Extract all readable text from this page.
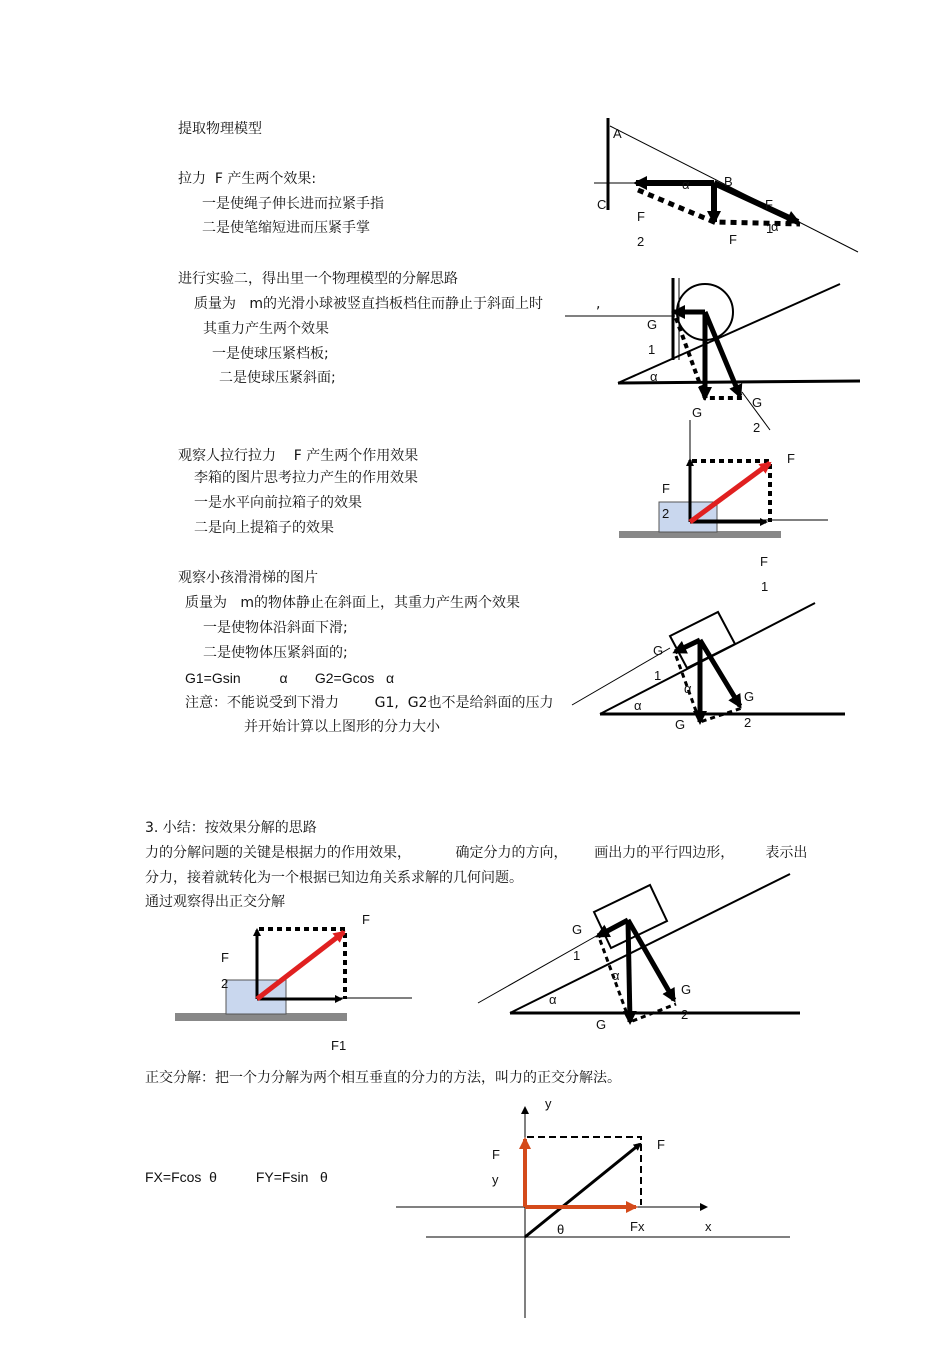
提取物理模型
拉力  F 产生两个效果:
一是使绳子伸长进而拉紧手指
二是使笔缩短进而压紧手掌
进行实验二，得出里一个物理模型的分解思路
质量为   m的光滑小球被竖直挡板档住而静止于斜面上时	,
其重力产生两个效果
一是使球压紧档板;
二是使球压紧斜面;
观察人拉行拉力    F 产生两个作用效果
李箱的图片思考拉力产生的作用效果
一是水平向前拉箱子的效果
二是向上提箱子的效果
观察小孩滑滑梯的图片
质量为   m的物体静止在斜面上，其重力产生两个效果
一是使物体沿斜面下滑;
二是使物体压紧斜面的;
G1=Gsin          α       G2=Gcos   α
注意：不能说受到下滑力        G1,  G2也不是给斜面的压力
并开始计算以上图形的分力大小
3. 小结：按效果分解的思路
力的分解问题的关键是根据力的作用效果，          确定分力的方向，      画出力的平行四边形，       表示出
分力，接着就转化为一个根据已知边角关系求解的几何问题。
通过观察得出正交分解
正交分解：把一个力分解为两个相互垂直的分力的方法，叫力的正交分解法。
FX=Fcos  θ          FY=Fsin   θ
A
B
C
α
F
2	F
F
1
α
G
1
α
G
G
2
F
F
2
F
1
G
1
α
α
G
2
G
F
F
2
F1
G
1
α
α
G
2
G
y
F
F
y
θ	Fx	x
